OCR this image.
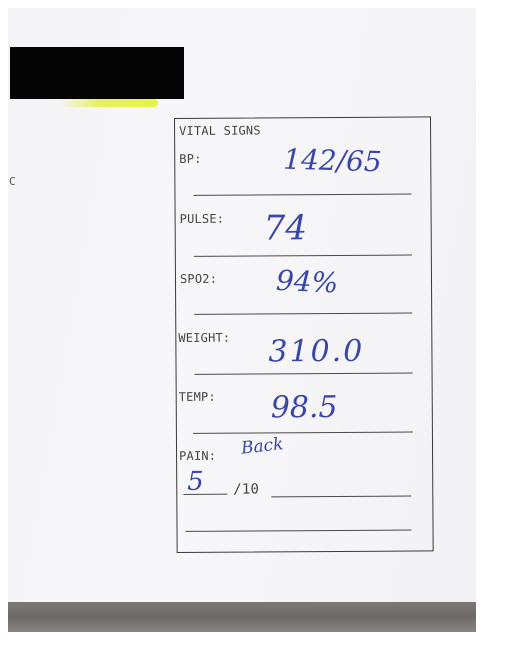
C
VITAL SIGNS
BP:	142/65
PULSE: 74
SPO2: 94%
WEIGHT: 310.0
TEMP: 98.5
PAIN: Back
5 /10
